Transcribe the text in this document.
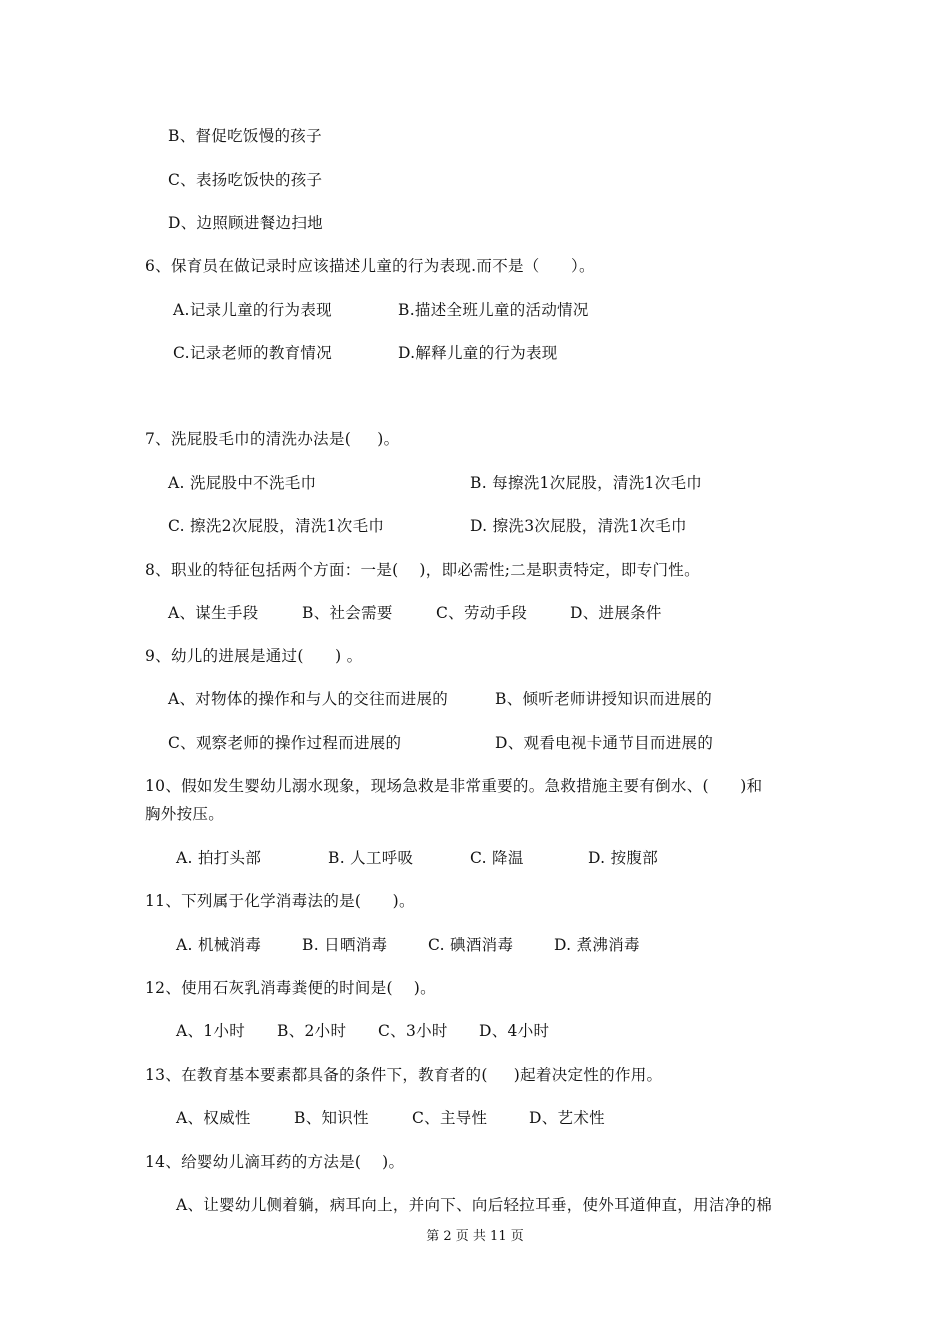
B、督促吃饭慢的孩子
C、表扬吃饭快的孩子
D、边照顾进餐边扫地
6、保育员在做记录时应该描述儿童的行为表现.而不是（      ）。
A.记录儿童的行为表现	B.描述全班儿童的活动情况
C.记录老师的教育情况	D.解释儿童的行为表现
7、洗屁股毛巾的清洗办法是(     )。
A. 洗屁股中不洗毛巾	B. 每擦洗1次屁股，清洗1次毛巾
C. 擦洗2次屁股，清洗1次毛巾	D. 擦洗3次屁股，清洗1次毛巾
8、职业的特征包括两个方面：一是(    )，即必需性;二是职责特定，即专门性。
A、谋生手段	B、社会需要	C、劳动手段	D、进展条件
9、幼儿的进展是通过(      ) 。
A、对物体的操作和与人的交往而进展的	B、倾听老师讲授知识而进展的
C、观察老师的操作过程而进展的	D、观看电视卡通节目而进展的
10、假如发生婴幼儿溺水现象，现场急救是非常重要的。急救措施主要有倒水、(      )和
胸外按压。
A. 拍打头部	B. 人工呼吸	C. 降温	D. 按腹部
11、下列属于化学消毒法的是(      )。
A. 机械消毒	B. 日晒消毒	C. 碘酒消毒	D. 煮沸消毒
12、使用石灰乳消毒粪便的时间是(    )。
A、1小时 B、2小时 C、3小时 D、4小时
13、在教育基本要素都具备的条件下，教育者的(     )起着决定性的作用。
A、权威性	B、知识性	C、主导性	D、艺术性
14、给婴幼儿滴耳药的方法是(    )。
A、让婴幼儿侧着躺，病耳向上，并向下、向后轻拉耳垂，使外耳道伸直，用洁净的棉
第 2 页 共 11 页
